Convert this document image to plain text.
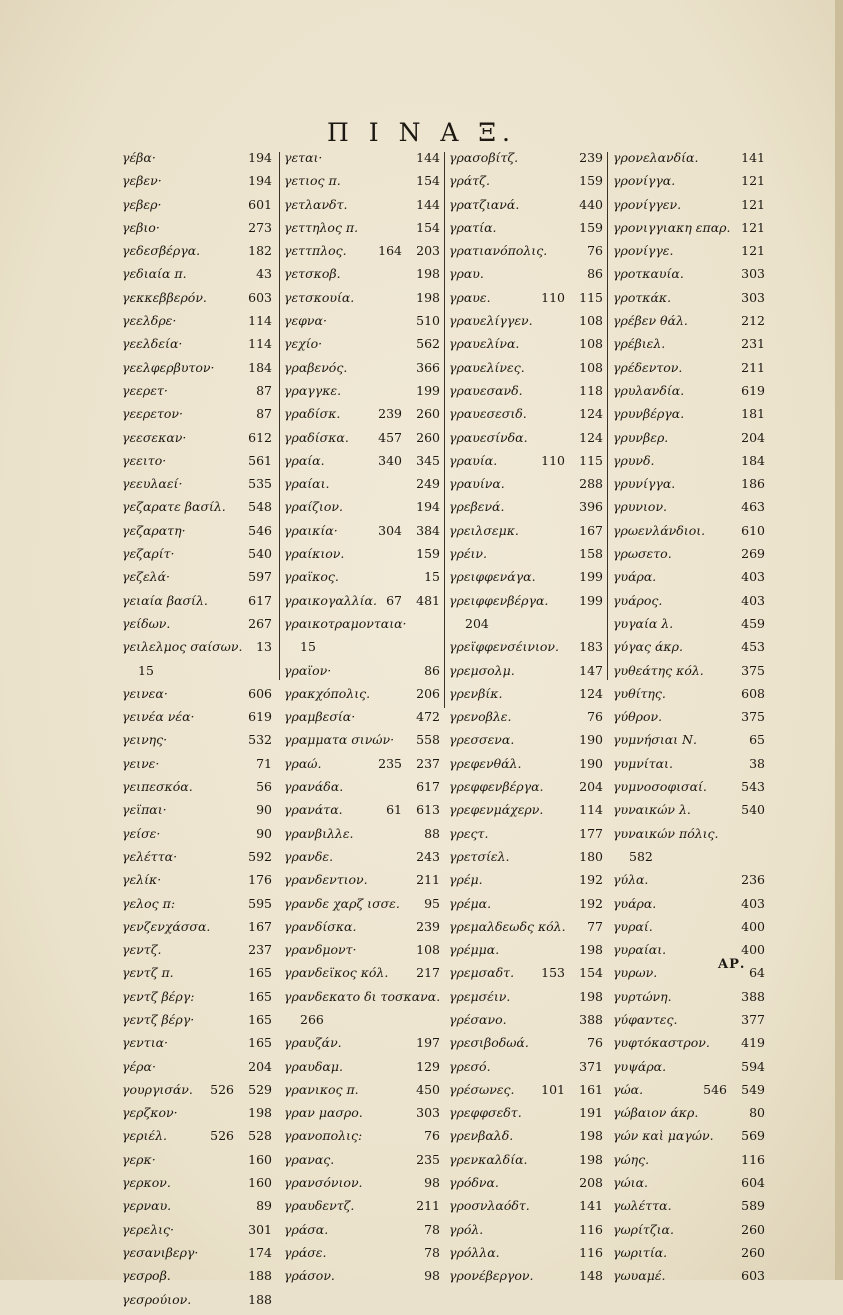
Π Ι Ν Α Ξ.
γέβα·	194
γεβεν·	194
γεβερ·	601
γεβιο·	273
γεδεσβέργα.	182
γεδιαία π.	43
γεκκεββερόν.	603
γεελδρε·	114
γεελδεία·	114
γεελφερβυτον·	184
γεερετ·	87
γεερετον·	87
γεεσεκαν·	612
γεειτο·	561
γεευλαεί·	535
γεζαρατε βασίλ.	548
γεζαρατη·	546
γεζαρίτ·	540
γεζελά·	597
γειαία βασίλ.	617
γείδων.	267
γειλελμος σαίσων.	13
15
γεινεα·	606
γεινέα νέα·	619
γεινης·	532
γεινε·	71
γειπεσκόα.	56
γεϊπαι·	90
γείσε·	90
γελέττα·	592
γελίκ·	176
γελος π:	595
γενζενχάσσα.	167
γεντζ.	237
γεντζ π.	165
γεντζ βέργ:	165
γεντζ βέργ·	165
γεντια·	165
γέρα·	204
γουργισάν.	526	529
γερζκον·	198
γεριέλ.	526	528
γερκ·	160
γερκον.	160
γερναυ.	89
γερελις·	301
γεσανιβεργ·	174
γεσροβ.	188
γεσρούιον.	188
γεται·	144
γετιος π.	154
γετλανδτ.	144
γεττηλος π.	154
γεττπλος.	164	203
γετσκοβ.	198
γετσκουία.	198
γεφνα·	510
γεχίο·	562
γραβενός.	366
γραγγκε.	199
γραδίσκ.	239	260
γραδίσκα.	457	260
γραία.	340	345
γραίαι.	249
γραίζιον.	194
γραικία·	304	384
γραίκιον.	159
γραϊκος.	15
γραικογαλλία. 67	481
γραικοτραμονταια·
15
γραϊον·	86
γρακχόπολις.	206
γραμβεσία·	472
γραμματα σινών·	558
γραώ.	235	237
γρανάδα.	617
γρανάτα.	61	613
γρανβιλλε.	88
γρανδε.	243
γρανδεντιον.	211
γρανδε χαρζ ισσε.	95
γρανδίσκα.	239
γρανδμοντ·	108
γρανδεϊκος κόλ.	217
γρανδεκατο δι τοσκανα.
266
γραυζάν.	197
γραυδαμ.	129
γρανικος π.	450
γραν μασρο.	303
γρανοπολις:	76
γρανας.	235
γρανσόνιον.	98
γραυδεντζ.	211
γράσα.	78
γράσε.	78
γράσον.	98
γρασοβίτζ.	239
γράτζ.	159
γρατζιανά.	440
γρατία.	159
γρατιανόπολις.	76
γραυ.	86
γραυε.	110	115
γραυελίγγεν.	108
γραυελίνα.	108
γραυελίνες.	108
γραυεσανδ.	118
γραυεσεσιδ.	124
γραυεσίνδα.	124
γραυία.	110	115
γραυίνα.	288
γρεβενά.	396
γρειλσεμκ.	167
γρέιν.	158
γρειφφενάγα.	199
γρειφφενβέργα.	199
204
γρεϊφφενσέινιον.	183
γρεμσολμ.	147
γρενβίκ.	124
γρενοβλε.	76
γρεσσενα.	190
γρεφενθάλ.	190
γρεφφενβέργα.	204
γρεφενμάχερν.	114
γρεςτ.	177
γρετσίελ.	180
γρέμ.	192
γρέμα.	192
γρεμαλδεωδς κόλ.	77
γρέμμα.	198
γρεμσαδτ.	153	154
γρεμσέιν.	198
γρέσανο.	388
γρεσιβοδωά.	76
γρεσό.	371
γρέσωνες.	101	161
γρεφφσεδτ.	191
γρενβαλδ.	198
γρενκαλδία.	198
γρόδνα.	208
γροσνλαόδτ.	141
γρόλ.	116
γρόλλα.	116
γρονέβεργον.	148
γρονελανδία.	141
γρονίγγα.	121
γρονίγγεν.	121
γρονιγγιακη επαρ. 121
γρονίγγε.	121
γροτκαυία.	303
γροτκάκ.	303
γρέβεν θάλ.	212
γρέβιελ.	231
γρέδεντον.	211
γρυλανδία.	619
γρυνβέργα.	181
γρυνβερ.	204
γρυνδ.	184
γρυνίγγα.	186
γρυνιον.	463
γρωενλάνδιοι.	610
γρωσετο.	269
γυάρα.	403
γυάρος.	403
γυγαία λ.	459
γύγας άκρ.	453
γυθεάτης κόλ.	375
γυθίτης.	608
γύθρον.	375
γυμνήσιαι Ν.	65
γυμνίται.	38
γυμνοσοφισαί.	543
γυναικών λ.	540
γυναικών πόλις.
582
γύλα.	236
γυάρα.	403
γυραί.	400
γυραίαι.	400
γυρων.	64
γυρτώνη.	388
γύφαντες.	377
γυφτόκαστρον.	419
γυψάρα.	594
γώα.	546	549
γώβαιον άκρ.	80
γών καὶ μαγών.	569
γώης.	116
γώια.	604
γωλέττα.	589
γωρίτζια.	260
γωριτία.	260
γωυαμέ.	603
ΑΡ.
